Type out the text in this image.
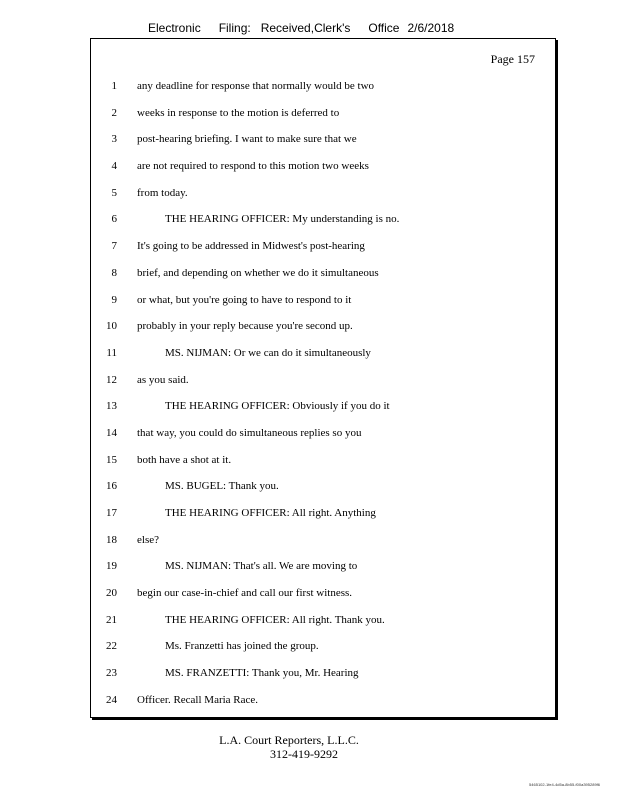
Electronic Filing: Received,Clerk's Office 2/6/2018
Page 157
1 any deadline for response that normally would be two
2 weeks in response to the motion is deferred to
3 post-hearing briefing. I want to make sure that we
4 are not required to respond to this motion two weeks
5 from today.
6	THE HEARING OFFICER: My understanding is no.
7 It's going to be addressed in Midwest's post-hearing
8 brief, and depending on whether we do it simultaneous
9 or what, but you're going to have to respond to it
10 probably in your reply because you're second up.
11	MS. NIJMAN: Or we can do it simultaneously
12 as you said.
13	THE HEARING OFFICER: Obviously if you do it
14 that way, you could do simultaneous replies so you
15 both have a shot at it.
16	MS. BUGEL: Thank you.
17	THE HEARING OFFICER: All right. Anything
18 else?
19	MS. NIJMAN: That's all. We are moving to
20 begin our case-in-chief and call our first witness.
21	THE HEARING OFFICER: All right. Thank you.
22	Ms. Franzetti has joined the group.
23	MS. FRANZETTI: Thank you, Mr. Hearing
24 Officer. Recall Maria Race.
L.A. Court Reporters, L.L.C.
312-419-9292
5465102-1fe4-4d5a-8b55-f00a395289f6
